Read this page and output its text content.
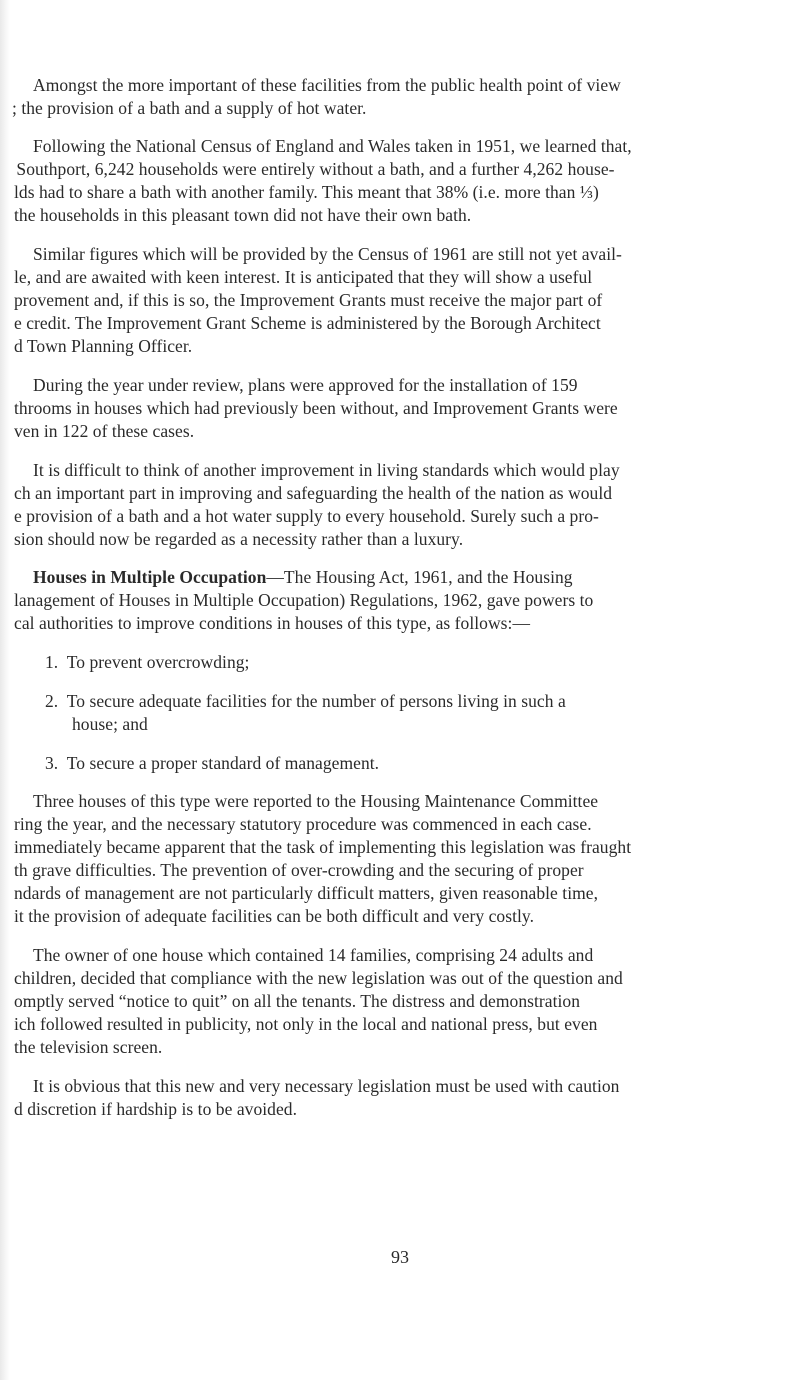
Amongst the more important of these facilities from the public health point of view
; the provision of a bath and a supply of hot water.
Following the National Census of England and Wales taken in 1951, we learned that,
Southport, 6,242 households were entirely without a bath, and a further 4,262 house-
lds had to share a bath with another family. This meant that 38% (i.e. more than ⅓)
the households in this pleasant town did not have their own bath.
Similar figures which will be provided by the Census of 1961 are still not yet avail-
le, and are awaited with keen interest. It is anticipated that they will show a useful
provement and, if this is so, the Improvement Grants must receive the major part of
e credit. The Improvement Grant Scheme is administered by the Borough Architect
d Town Planning Officer.
During the year under review, plans were approved for the installation of 159
throoms in houses which had previously been without, and Improvement Grants were
ven in 122 of these cases.
It is difficult to think of another improvement in living standards which would play
ch an important part in improving and safeguarding the health of the nation as would
e provision of a bath and a hot water supply to every household. Surely such a pro-
sion should now be regarded as a necessity rather than a luxury.
Houses in Multiple Occupation—The Housing Act, 1961, and the Housing
lanagement of Houses in Multiple Occupation) Regulations, 1962, gave powers to
cal authorities to improve conditions in houses of this type, as follows:—
1.  To prevent overcrowding;
2.  To secure adequate facilities for the number of persons living in such a
house; and
3.  To secure a proper standard of management.
Three houses of this type were reported to the Housing Maintenance Committee
ring the year, and the necessary statutory procedure was commenced in each case.
immediately became apparent that the task of implementing this legislation was fraught
th grave difficulties. The prevention of over-crowding and the securing of proper
ndards of management are not particularly difficult matters, given reasonable time,
it the provision of adequate facilities can be both difficult and very costly.
The owner of one house which contained 14 families, comprising 24 adults and
children, decided that compliance with the new legislation was out of the question and
omptly served “notice to quit” on all the tenants. The distress and demonstration
ich followed resulted in publicity, not only in the local and national press, but even
the television screen.
It is obvious that this new and very necessary legislation must be used with caution
d discretion if hardship is to be avoided.
93
